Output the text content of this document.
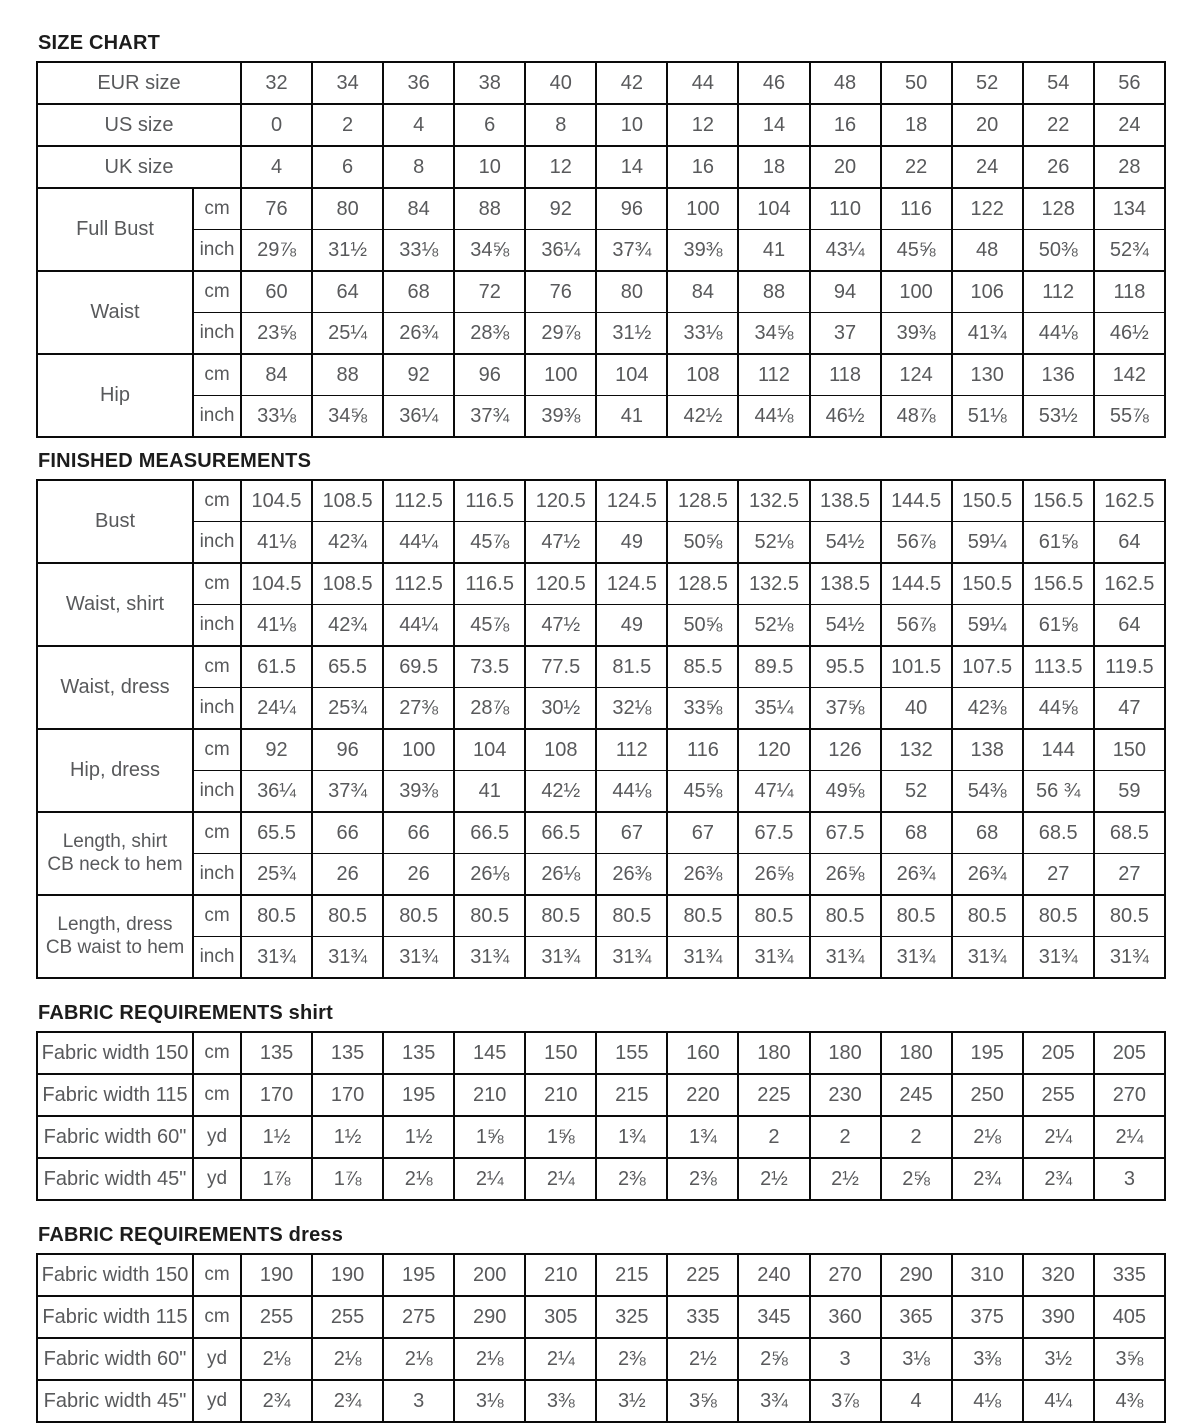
SIZE CHART
EUR size		32	34	36	38	40	42	44	46	48	50	52	54	56
US size		0	2	4	6	8	10	12	14	16	18	20	22	24
UK size		4	6	8	10	12	14	16	18	20	22	24	26	28
Full Bust	cm	76	80	84	88	92	96	100	104	110	116	122	128	134
	inch	29⅞	31½	33⅛	34⅝	36¼	37¾	39⅜	41	43¼	45⅝	48	50⅜	52¾
Waist	cm	60	64	68	72	76	80	84	88	94	100	106	112	118
	inch	23⅝	25¼	26¾	28⅜	29⅞	31½	33⅛	34⅝	37	39⅜	41¾	44⅛	46½
Hip	cm	84	88	92	96	100	104	108	112	118	124	130	136	142
	inch	33⅛	34⅝	36¼	37¾	39⅜	41	42½	44⅛	46½	48⅞	51⅛	53½	55⅞
FINISHED MEASUREMENTS
Bust	cm	104.5	108.5	112.5	116.5	120.5	124.5	128.5	132.5	138.5	144.5	150.5	156.5	162.5
	inch	41⅛	42¾	44¼	45⅞	47½	49	50⅝	52⅛	54½	56⅞	59¼	61⅝	64
Waist, shirt	cm	104.5	108.5	112.5	116.5	120.5	124.5	128.5	132.5	138.5	144.5	150.5	156.5	162.5
	inch	41⅛	42¾	44¼	45⅞	47½	49	50⅝	52⅛	54½	56⅞	59¼	61⅝	64
Waist, dress	cm	61.5	65.5	69.5	73.5	77.5	81.5	85.5	89.5	95.5	101.5	107.5	113.5	119.5
	inch	24¼	25¾	27⅜	28⅞	30½	32⅛	33⅝	35¼	37⅝	40	42⅜	44⅝	47
Hip, dress	cm	92	96	100	104	108	112	116	120	126	132	138	144	150
	inch	36¼	37¾	39⅜	41	42½	44⅛	45⅝	47¼	49⅝	52	54⅜	56 ¾	59
Length, shirt
CB neck to hem	cm	65.5	66	66	66.5	66.5	67	67	67.5	67.5	68	68	68.5	68.5
	inch	25¾	26	26	26⅛	26⅛	26⅜	26⅜	26⅝	26⅝	26¾	26¾	27	27
Length, dress
CB waist to hem	cm	80.5	80.5	80.5	80.5	80.5	80.5	80.5	80.5	80.5	80.5	80.5	80.5	80.5
	inch	31¾	31¾	31¾	31¾	31¾	31¾	31¾	31¾	31¾	31¾	31¾	31¾	31¾
FABRIC REQUIREMENTS shirt
Fabric width 150	cm	135	135	135	145	150	155	160	180	180	180	195	205	205
Fabric width 115	cm	170	170	195	210	210	215	220	225	230	245	250	255	270
Fabric width 60"	yd	1½	1½	1½	1⅝	1⅝	1¾	1¾	2	2	2	2⅛	2¼	2¼
Fabric width 45"	yd	1⅞	1⅞	2⅛	2¼	2¼	2⅜	2⅜	2½	2½	2⅝	2¾	2¾	3
FABRIC REQUIREMENTS dress
Fabric width 150	cm	190	190	195	200	210	215	225	240	270	290	310	320	335
Fabric width 115	cm	255	255	275	290	305	325	335	345	360	365	375	390	405
Fabric width 60"	yd	2⅛	2⅛	2⅛	2⅛	2¼	2⅜	2½	2⅝	3	3⅛	3⅜	3½	3⅝
Fabric width 45"	yd	2¾	2¾	3	3⅛	3⅜	3½	3⅝	3¾	3⅞	4	4⅛	4¼	4⅜
